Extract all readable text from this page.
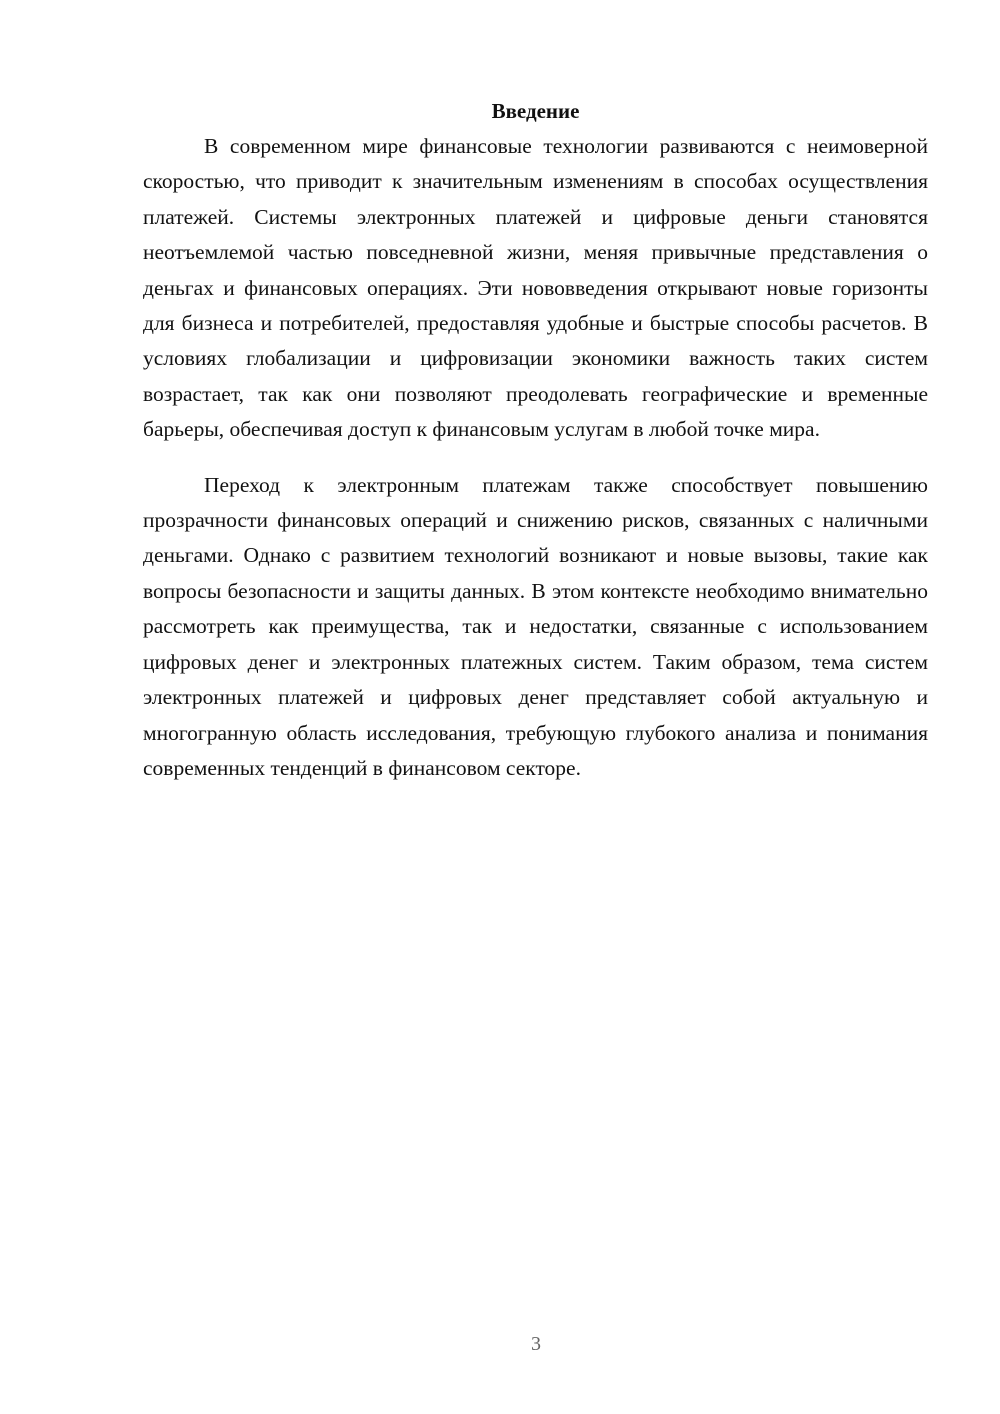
Введение

В современном мире финансовые технологии развиваются с неимоверной скоростью, что приводит к значительным изменениям в способах осуществления платежей. Системы электронных платежей и цифровые деньги становятся неотъемлемой частью повседневной жизни, меняя привычные представления о деньгах и финансовых операциях. Эти нововведения открывают новые горизонты для бизнеса и потребителей, предоставляя удобные и быстрые способы расчетов. В условиях глобализации и цифровизации экономики важность таких систем возрастает, так как они позволяют преодолевать географические и временные барьеры, обеспечивая доступ к финансовым услугам в любой точке мира.

Переход к электронным платежам также способствует повышению прозрачности финансовых операций и снижению рисков, связанных с наличными деньгами. Однако с развитием технологий возникают и новые вызовы, такие как вопросы безопасности и защиты данных. В этом контексте необходимо внимательно рассмотреть как преимущества, так и недостатки, связанные с использованием цифровых денег и электронных платежных систем. Таким образом, тема систем электронных платежей и цифровых денег представляет собой актуальную и многогранную область исследования, требующую глубокого анализа и понимания современных тенденций в финансовом секторе.

3
